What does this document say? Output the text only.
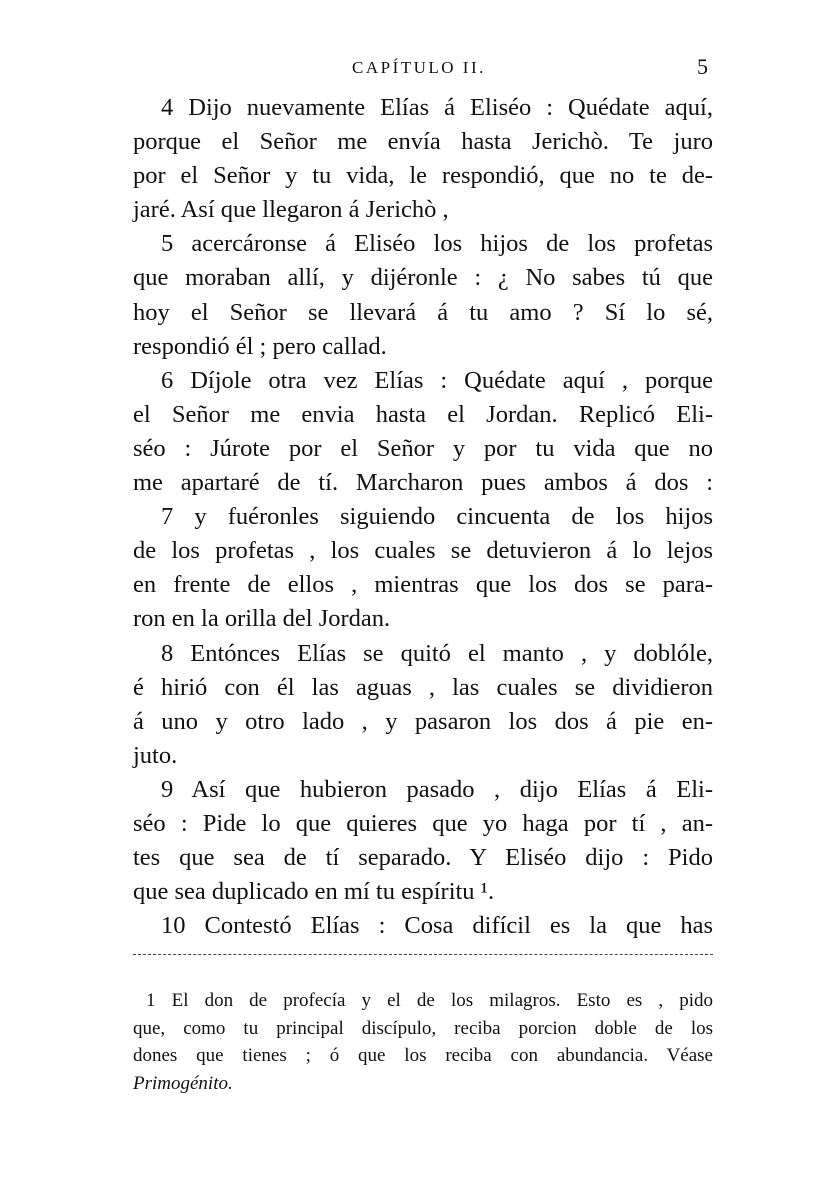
CAPÍTULO II.	5
4 Dijo nuevamente Elías á Eliséo : Quédate aquí,
porque el Señor me envía hasta Jerichò. Te juro
por el Señor y tu vida, le respondió, que no te de-
jaré. Así que llegaron á Jerichò ,
5 acercáronse á Eliséo los hijos de los profetas
que moraban allí, y dijéronle : ¿ No sabes tú que
hoy el Señor se llevará á tu amo ? Sí lo sé,
respondió él ; pero callad.
6 Díjole otra vez Elías : Quédate aquí , porque
el Señor me envia hasta el Jordan. Replicó Eli-
séo : Júrote por el Señor y por tu vida que no
me apartaré de tí. Marcharon pues ambos á dos :
7 y fuéronles siguiendo cincuenta de los hijos
de los profetas , los cuales se detuvieron á lo lejos
en frente de ellos , mientras que los dos se para-
ron en la orilla del Jordan.
8 Entónces Elías se quitó el manto , y doblóle,
é hirió con él las aguas , las cuales se dividieron
á uno y otro lado , y pasaron los dos á pie en-
juto.
9 Así que hubieron pasado , dijo Elías á Eli-
séo : Pide lo que quieres que yo haga por tí , an-
tes que sea de tí separado. Y Eliséo dijo : Pido
que sea duplicado en mí tu espíritu ¹.
10 Contestó Elías : Cosa difícil es la que has
1 El don de profecía y el de los milagros. Esto es , pido
que, como tu principal discípulo, reciba porcion doble de los
dones que tienes ; ó que los reciba con abundancia. Véase
Primogénito.
